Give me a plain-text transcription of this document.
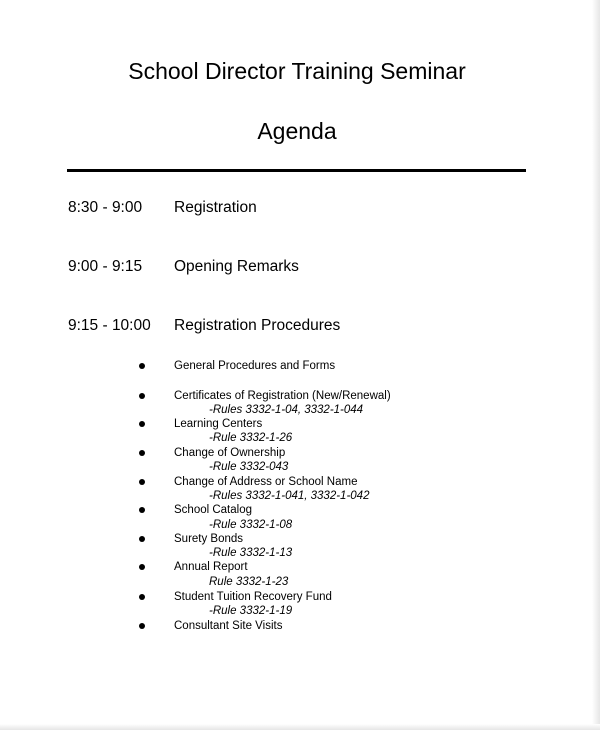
School Director Training Seminar
Agenda
8:30 - 9:00 Registration
9:00 - 9:15 Opening Remarks
9:15 - 10:00 Registration Procedures
General Procedures and Forms
Certificates of Registration (New/Renewal)
-Rules 3332-1-04, 3332-1-044
Learning Centers
-Rule 3332-1-26
Change of Ownership
-Rule 3332-043
Change of Address or School Name
-Rules 3332-1-041, 3332-1-042
School Catalog
-Rule 3332-1-08
Surety Bonds
-Rule 3332-1-13
Annual Report
Rule 3332-1-23
Student Tuition Recovery Fund
-Rule 3332-1-19
Consultant Site Visits
